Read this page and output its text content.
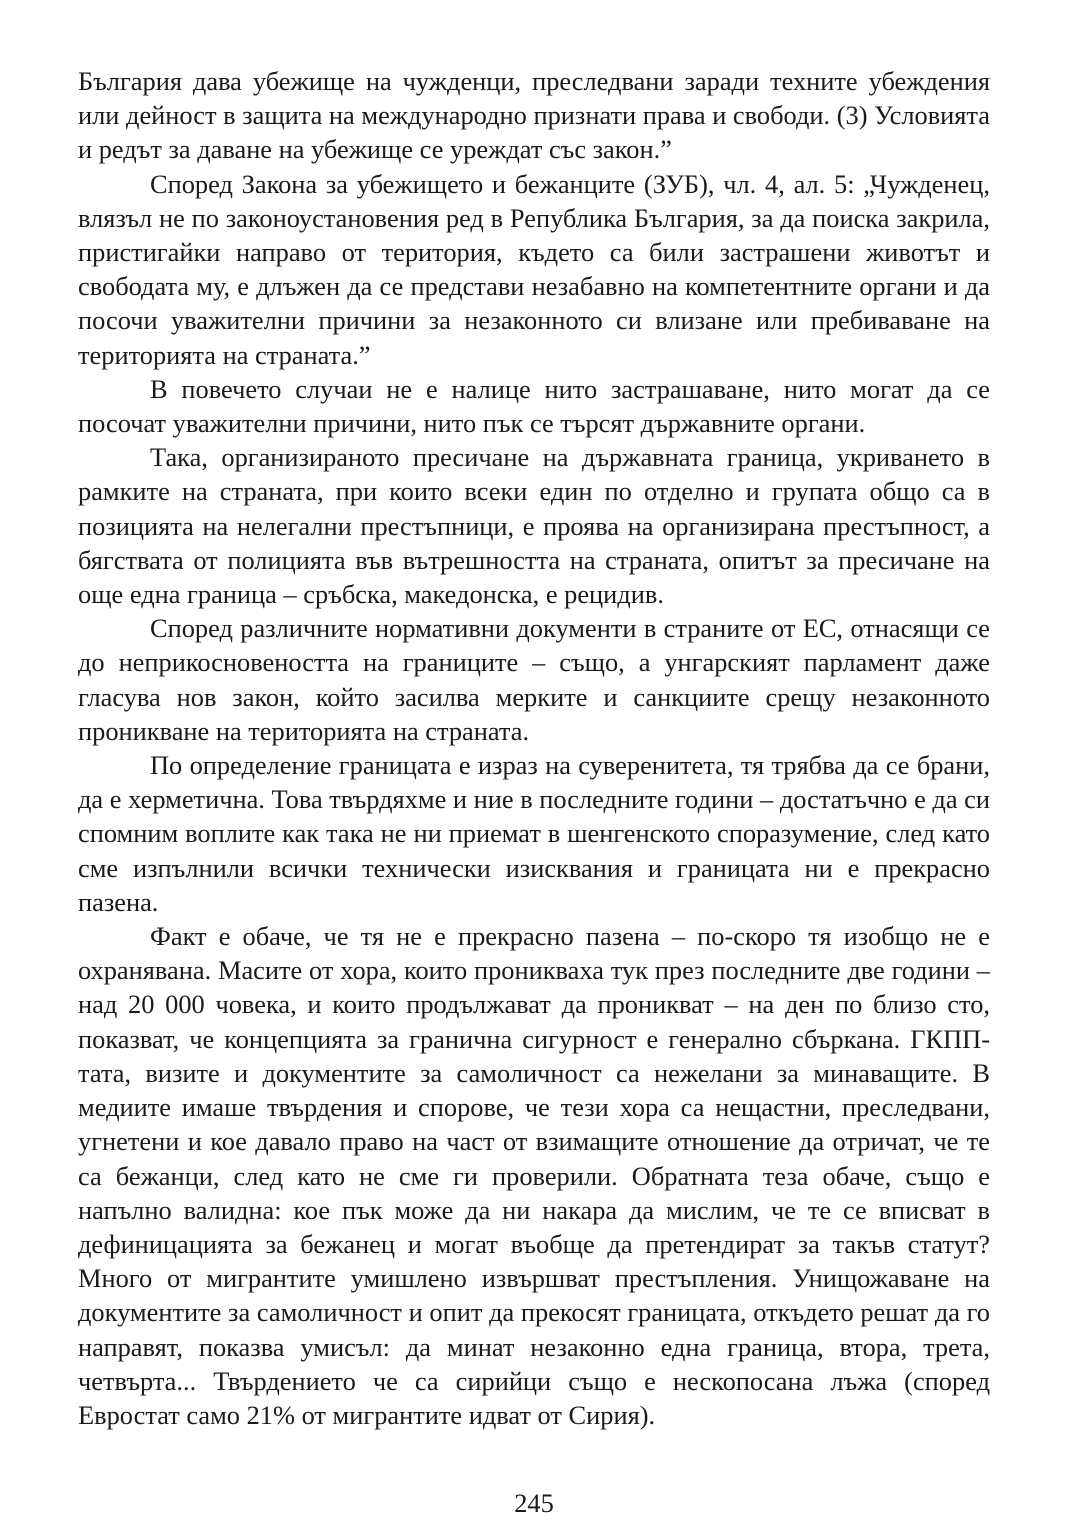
България дава убежище на чужденци, преследвани заради техните убеждения или дейност в защита на международно признати права и свободи. (3) Условията и редът за даване на убежище се уреждат със закон.”

Според Закона за убежището и бежанците (ЗУБ), чл. 4, ал. 5: „Чужденец, влязъл не по законоустановения ред в Република България, за да поиска закрила, пристигайки направо от територия, където са били застрашени животът и свободата му, е длъжен да се представи незабавно на компетентните органи и да посочи уважителни причини за незаконното си влизане или пребиваване на територията на страната.”

В повечето случаи не е налице нито застрашаване, нито могат да се посочат уважителни причини, нито пък се търсят държавните органи.

Така, организираното пресичане на държавната граница, укриването в рамките на страната, при които всеки един по отделно и групата общо са в позицията на нелегални престъпници, е проява на организирана престъпност, а бягствата от полицията във вътрешността на страната, опитът за пресичане на още една граница – сръбска, македонска, е рецидив.

Според различните нормативни документи в страните от ЕС, отнасящи се до неприкосновеността на границите – също, а унгарският парламент даже гласува нов закон, който засилва мерките и санкциите срещу незаконното проникване на територията на страната.

По определение границата е израз на суверенитета, тя трябва да се брани, да е херметична. Това твърдяхме и ние в последните години – достатъчно е да си спомним воплите как така не ни приемат в шенгенското споразумение, след като сме изпълнили всички технически изисквания и границата ни е прекрасно пазена.

Факт е обаче, че тя не е прекрасно пазена – по-скоро тя изобщо не е охранявана. Масите от хора, които проникваха тук през последните две години – над 20 000 човека, и които продължават да проникват – на ден по близо сто, показват, че концепцията за гранична сигурност е генерално сбъркана. ГКПП-тата, визите и документите за самоличност са нежелани за минаващите. В медиите имаше твърдения и спорове, че тези хора са нещастни, преследвани, угнетени и кое давало право на част от взимащите отношение да отричат, че те са бежанци, след като не сме ги проверили. Обратната теза обаче, също е напълно валидна: кое пък може да ни накара да мислим, че те се вписват в дефиницацията за бежанец и могат въобще да претендират за такъв статут? Много от мигрантите умишлено извършват престъпления. Унищожаване на документите за самоличност и опит да прекосят границата, откъдето решат да го направят, показва умисъл: да минат незаконно една граница, втора, трета, четвърта... Твърдението че са сирийци също е нескопосана лъжа (според Евростат само 21% от мигрантите идват от Сирия).

245
